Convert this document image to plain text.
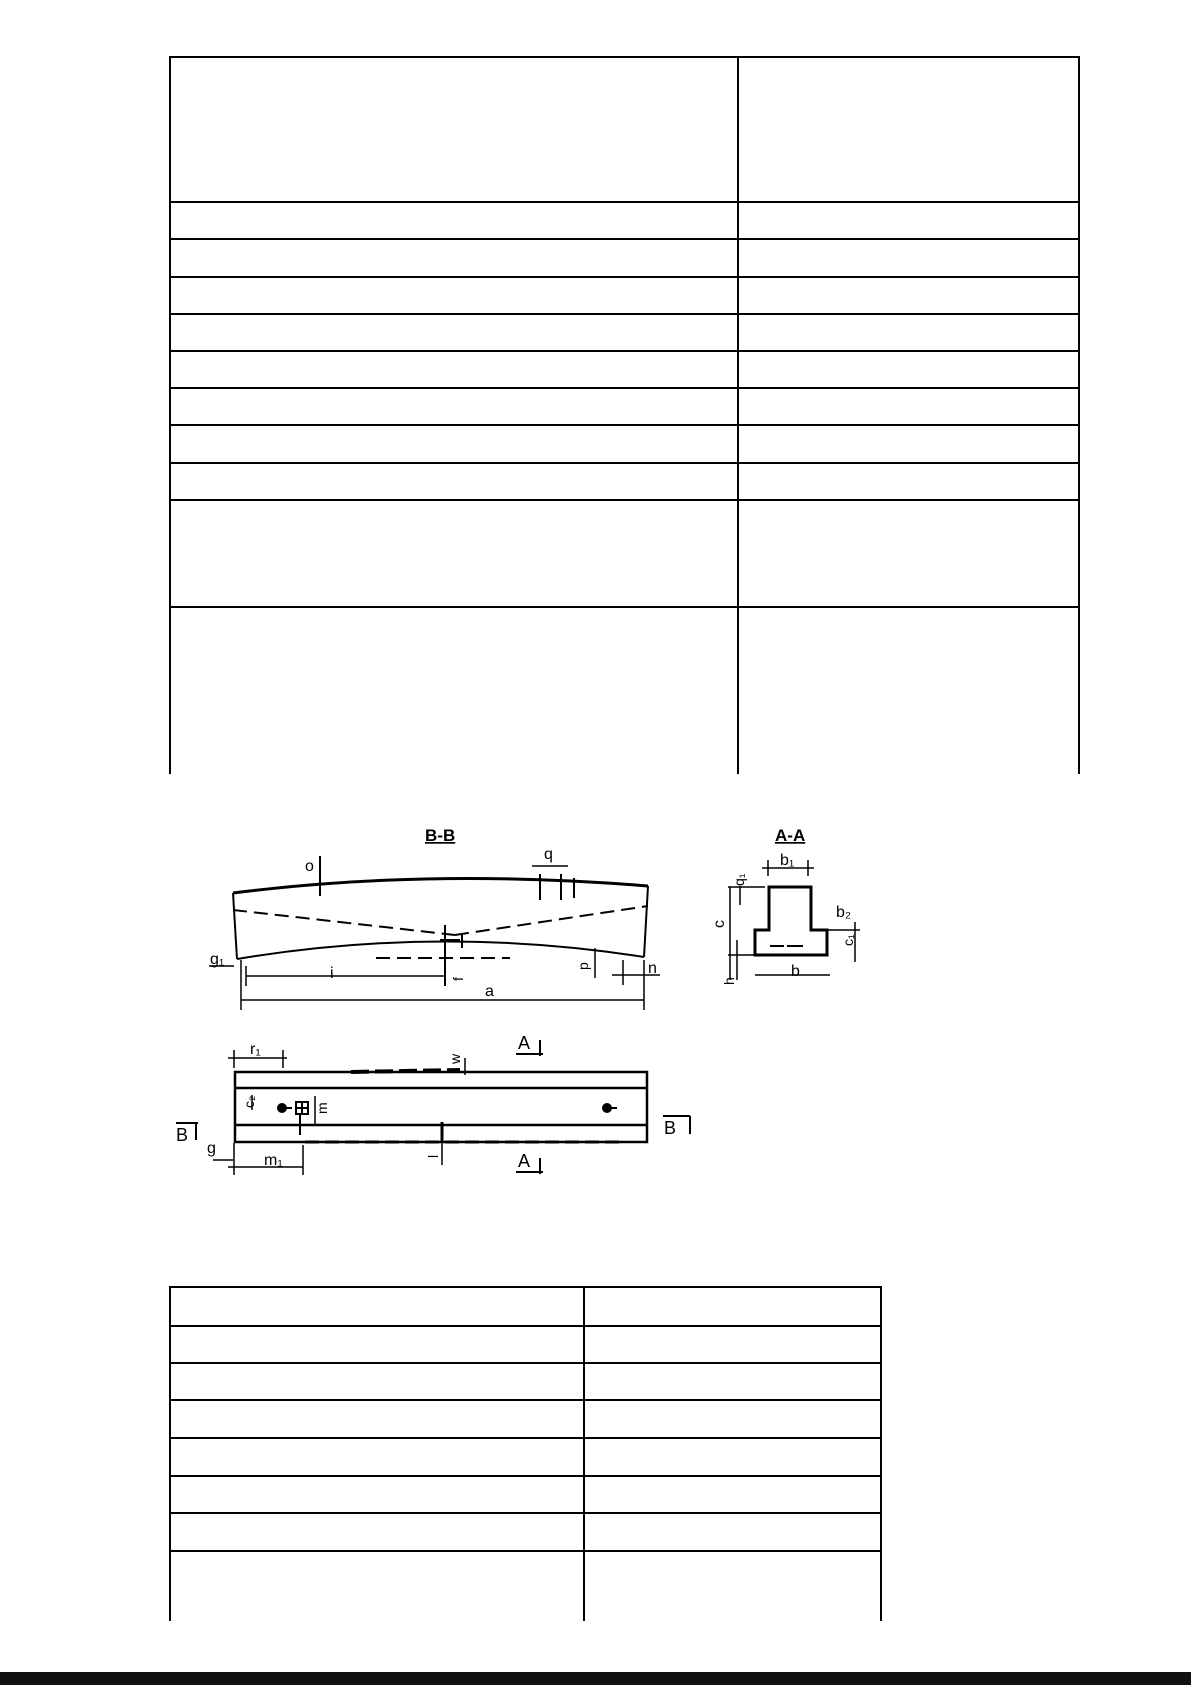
B-B	A-A
o
q
g₁
i	f
a
p	n
q₁
b₁
c
b₂
c₁
h
b
r₁
w
c₂
m
g
m₁	l
A
A
B	B
